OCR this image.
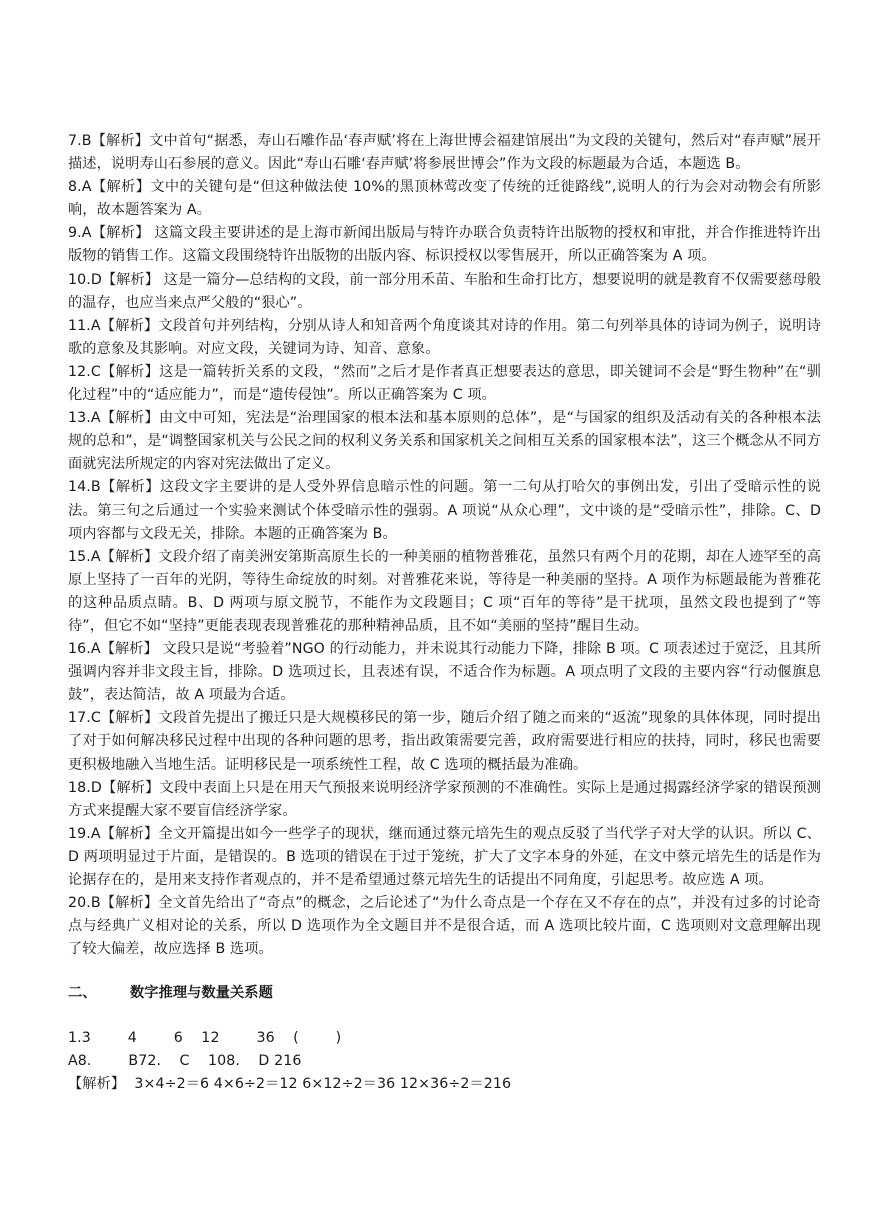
7.B【解析】文中首句“据悉，寿山石雕作品‘春声赋’将在上海世博会福建馆展出”为文段的关键句，然后对“春声赋”展开描述，说明寿山石参展的意义。因此“寿山石雕‘春声赋’将参展世博会”作为文段的标题最为合适，本题选 B。

8.A【解析】文中的关键句是“但这种做法使 10%的黑顶林莺改变了传统的迁徙路线”,说明人的行为会对动物会有所影响，故本题答案为 A。

9.A【解析】 这篇文段主要讲述的是上海市新闻出版局与特许办联合负责特许出版物的授权和审批，并合作推进特许出版物的销售工作。这篇文段围绕特许出版物的出版内容、标识授权以零售展开，所以正确答案为 A 项。

10.D【解析】 这是一篇分—总结构的文段，前一部分用禾苗、车胎和生命打比方，想要说明的就是教育不仅需要慈母般的温存，也应当来点严父般的“狠心”。

11.A【解析】文段首句并列结构，分别从诗人和知音两个角度谈其对诗的作用。第二句列举具体的诗词为例子，说明诗歌的意象及其影响。对应文段，关键词为诗、知音、意象。

12.C【解析】这是一篇转折关系的文段，“然而”之后才是作者真正想要表达的意思，即关键词不会是“野生物种”在“驯化过程”中的“适应能力”，而是“遗传侵蚀”。所以正确答案为 C 项。

13.A【解析】由文中可知，宪法是“治理国家的根本法和基本原则的总体”，是“与国家的组织及活动有关的各种根本法规的总和”，是“调整国家机关与公民之间的权利义务关系和国家机关之间相互关系的国家根本法”，这三个概念从不同方面就宪法所规定的内容对宪法做出了定义。

14.B【解析】这段文字主要讲的是人受外界信息暗示性的问题。第一二句从打哈欠的事例出发，引出了受暗示性的说法。第三句之后通过一个实验来测试个体受暗示性的强弱。A 项说“从众心理”，文中谈的是“受暗示性”，排除。C、D 项内容都与文段无关，排除。本题的正确答案为 B。

15.A【解析】文段介绍了南美洲安第斯高原生长的一种美丽的植物普雅花，虽然只有两个月的花期，却在人迹罕至的高原上坚持了一百年的光阴，等待生命绽放的时刻。对普雅花来说，等待是一种美丽的坚持。A 项作为标题最能为普雅花的这种品质点睛。B、D 两项与原文脱节，不能作为文段题目；C 项“百年的等待”是干扰项，虽然文段也提到了“等待”，但它不如“坚持”更能表现表现普雅花的那种精神品质，且不如“美丽的坚持”醒目生动。

16.A【解析】 文段只是说“考验着”NGO 的行动能力，并未说其行动能力下降，排除 B 项。C 项表述过于宽泛，且其所强调内容并非文段主旨，排除。D 选项过长，且表述有误，不适合作为标题。A 项点明了文段的主要内容“行动偃旗息鼓”，表达简洁，故 A 项最为合适。

17.C【解析】文段首先提出了搬迁只是大规模移民的第一步，随后介绍了随之而来的“返流”现象的具体体现，同时提出了对于如何解决移民过程中出现的各种问题的思考，指出政策需要完善，政府需要进行相应的扶持，同时，移民也需要更积极地融入当地生活。证明移民是一项系统性工程，故 C 选项的概括最为准确。

18.D【解析】文段中表面上只是在用天气预报来说明经济学家预测的不准确性。实际上是通过揭露经济学家的错误预测方式来提醒大家不要盲信经济学家。

19.A【解析】全文开篇提出如今一些学子的现状，继而通过蔡元培先生的观点反驳了当代学子对大学的认识。所以 C、D 两项明显过于片面，是错误的。B 选项的错误在于过于笼统，扩大了文字本身的外延，在文中蔡元培先生的话是作为论据存在的，是用来支持作者观点的，并不是希望通过蔡元培先生的话提出不同角度，引起思考。故应选 A 项。

20.B【解析】全文首先给出了“奇点”的概念，之后论述了“为什么奇点是一个存在又不存在的点”，并没有过多的讨论奇点与经典广义相对论的关系，所以 D 选项作为全文题目并不是很合适，而 A 选项比较片面，C 选项则对文意理解出现了较大偏差，故应选择 B 选项。

二、 数字推理与数量关系题
1.3        4        6    12        36    (        )
A8.        B72.    C    108.    D 216
【解析】  3×4÷2＝6 4×6÷2＝12 6×12÷2＝36 12×36÷2＝216
